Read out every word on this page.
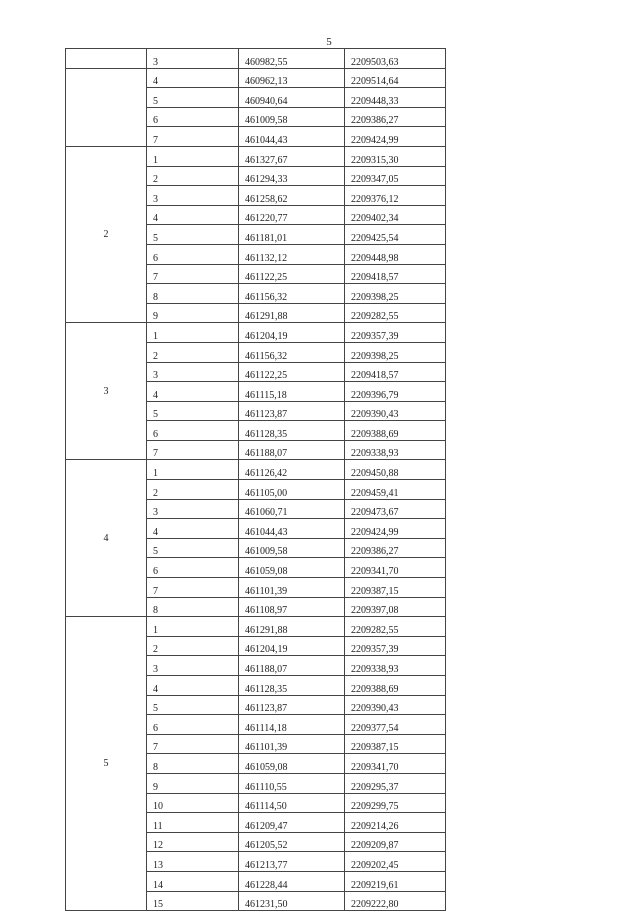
5
	3	460982,55	2209503,63
	4	460962,13	2209514,64
	5	460940,64	2209448,33
	6	461009,58	2209386,27
	7	461044,43	2209424,99
2	1	461327,67	2209315,30
	2	461294,33	2209347,05
	3	461258,62	2209376,12
	4	461220,77	2209402,34
	5	461181,01	2209425,54
	6	461132,12	2209448,98
	7	461122,25	2209418,57
	8	461156,32	2209398,25
	9	461291,88	2209282,55
3	1	461204,19	2209357,39
	2	461156,32	2209398,25
	3	461122,25	2209418,57
	4	461115,18	2209396,79
	5	461123,87	2209390,43
	6	461128,35	2209388,69
	7	461188,07	2209338,93
4	1	461126,42	2209450,88
	2	461105,00	2209459,41
	3	461060,71	2209473,67
	4	461044,43	2209424,99
	5	461009,58	2209386,27
	6	461059,08	2209341,70
	7	461101,39	2209387,15
	8	461108,97	2209397,08
5	1	461291,88	2209282,55
	2	461204,19	2209357,39
	3	461188,07	2209338,93
	4	461128,35	2209388,69
	5	461123,87	2209390,43
	6	461114,18	2209377,54
	7	461101,39	2209387,15
	8	461059,08	2209341,70
	9	461110,55	2209295,37
	10	461114,50	2209299,75
	11	461209,47	2209214,26
	12	461205,52	2209209,87
	13	461213,77	2209202,45
	14	461228,44	2209219,61
	15	461231,50	2209222,80
